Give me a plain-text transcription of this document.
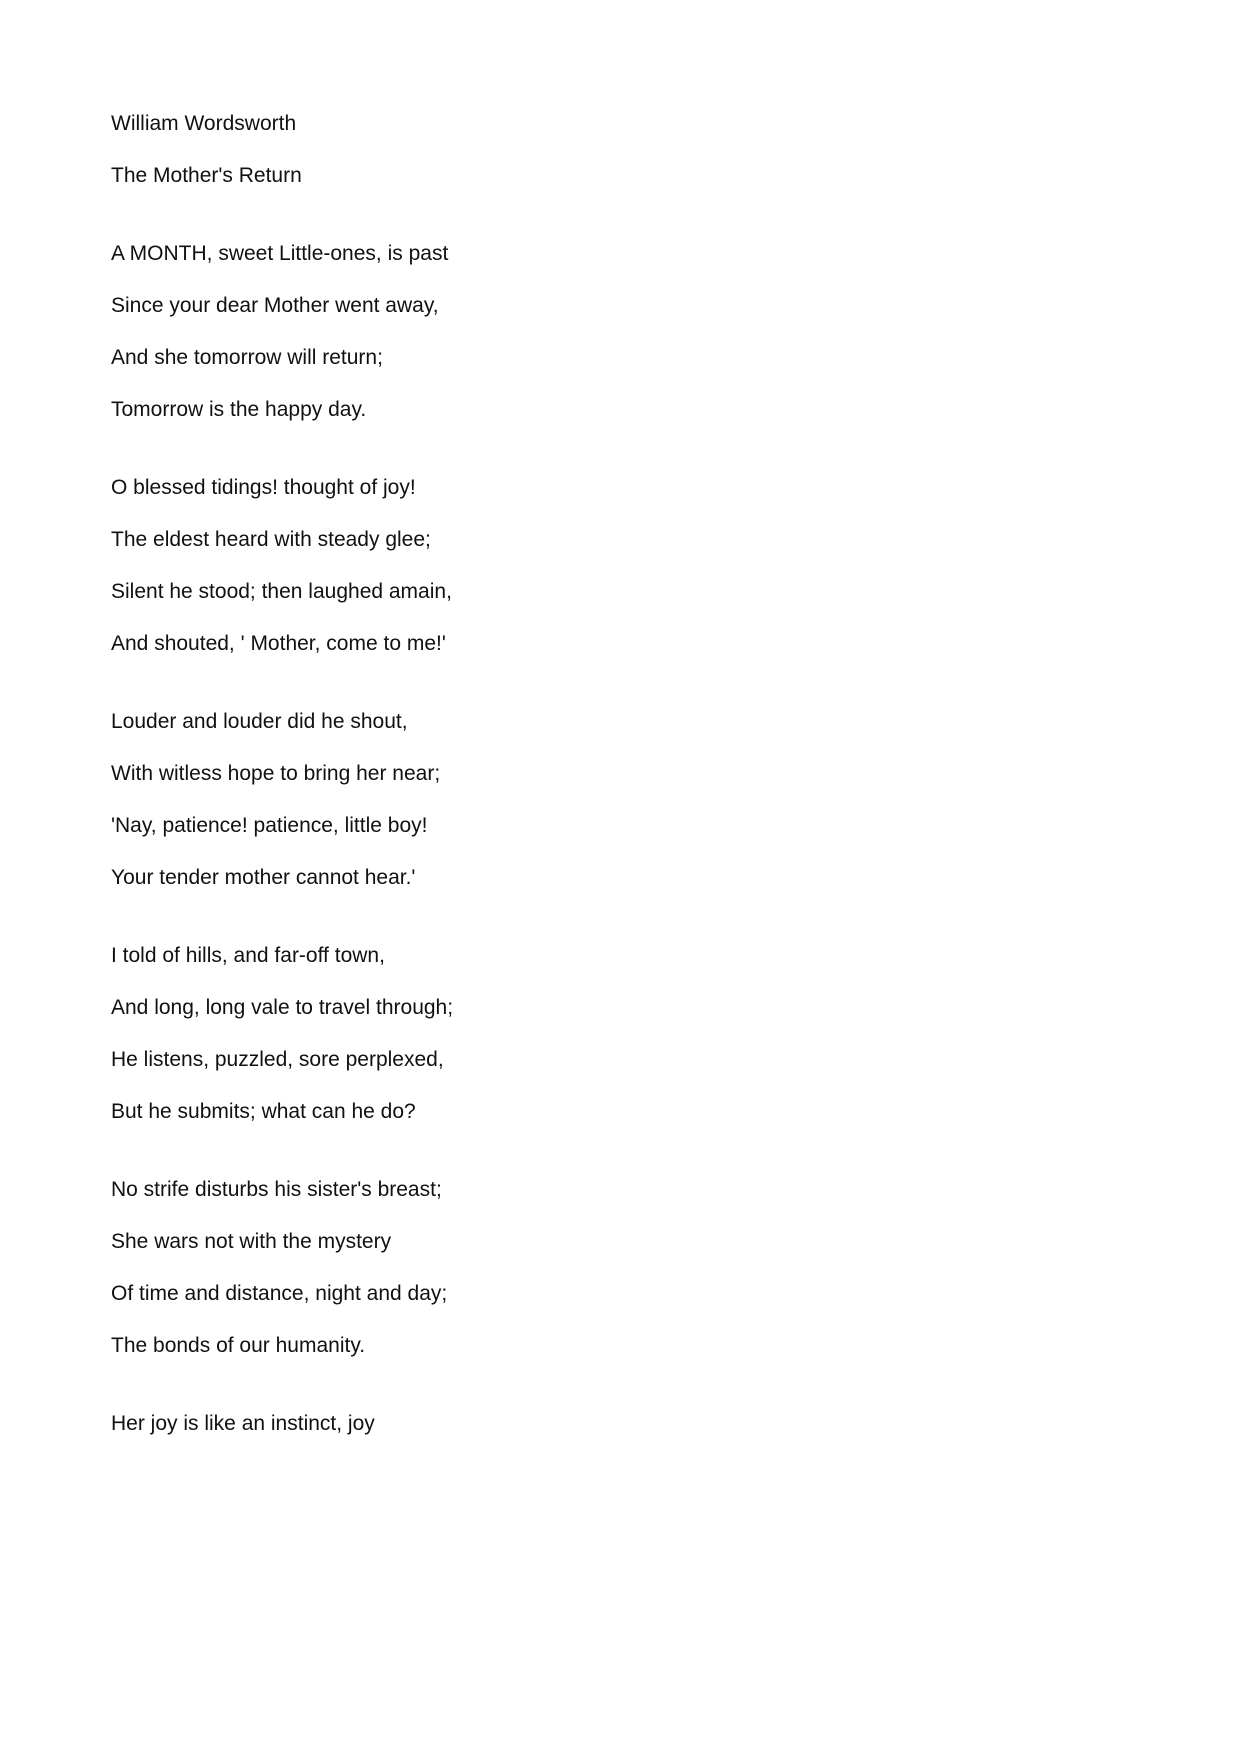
William Wordsworth
The Mother's Return
A MONTH, sweet Little-ones, is past
Since your dear Mother went away,
And she tomorrow will return;
Tomorrow is the happy day.
O blessed tidings! thought of joy!
The eldest heard with steady glee;
Silent he stood; then laughed amain,
And shouted, ' Mother, come to me!'
Louder and louder did he shout,
With witless hope to bring her near;
'Nay, patience! patience, little boy!
Your tender mother cannot hear.'
I told of hills, and far-off town,
And long, long vale to travel through;
He listens, puzzled, sore perplexed,
But he submits; what can he do?
No strife disturbs his sister's breast;
She wars not with the mystery
Of time and distance, night and day;
The bonds of our humanity.
Her joy is like an instinct, joy
